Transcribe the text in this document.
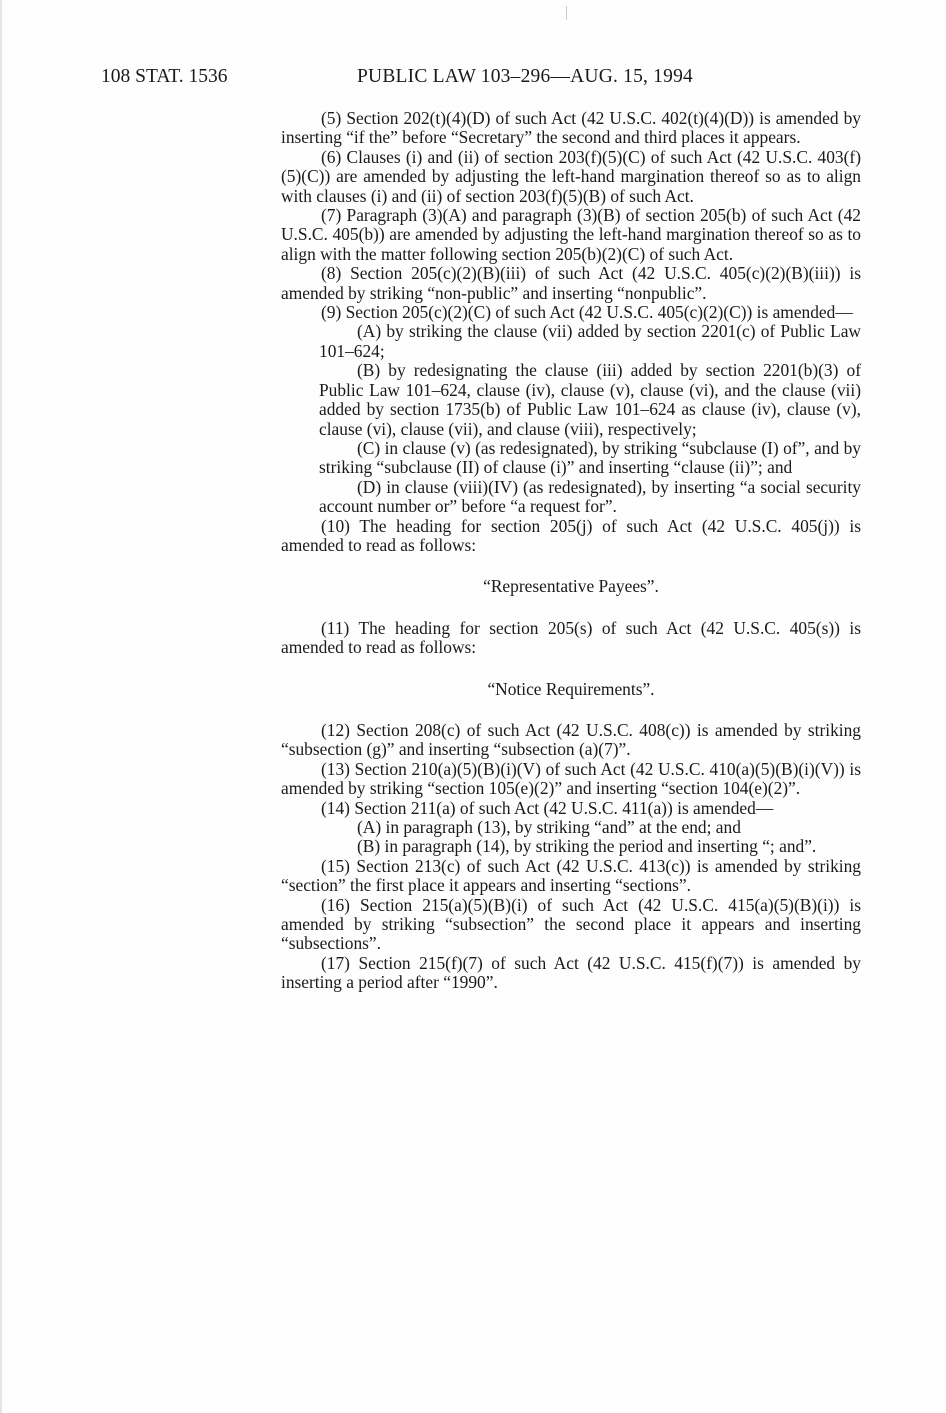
108 STAT. 1536	PUBLIC LAW 103–296—AUG. 15, 1994

(5) Section 202(t)(4)(D) of such Act (42 U.S.C. 402(t)(4)(D)) is amended by inserting “if the” before “Secretary” the second and third places it appears.

(6) Clauses (i) and (ii) of section 203(f)(5)(C) of such Act (42 U.S.C. 403(f)(5)(C)) are amended by adjusting the left-hand margination thereof so as to align with clauses (i) and (ii) of section 203(f)(5)(B) of such Act.

(7) Paragraph (3)(A) and paragraph (3)(B) of section 205(b) of such Act (42 U.S.C. 405(b)) are amended by adjusting the left-hand margination thereof so as to align with the matter following section 205(b)(2)(C) of such Act.

(8) Section 205(c)(2)(B)(iii) of such Act (42 U.S.C. 405(c)(2)(B)(iii)) is amended by striking “non-public” and inserting “nonpublic”.

(9) Section 205(c)(2)(C) of such Act (42 U.S.C. 405(c)(2)(C)) is amended—

(A) by striking the clause (vii) added by section 2201(c) of Public Law 101–624;

(B) by redesignating the clause (iii) added by section 2201(b)(3) of Public Law 101–624, clause (iv), clause (v), clause (vi), and the clause (vii) added by section 1735(b) of Public Law 101–624 as clause (iv), clause (v), clause (vi), clause (vii), and clause (viii), respectively;

(C) in clause (v) (as redesignated), by striking “subclause (I) of”, and by striking “subclause (II) of clause (i)” and inserting “clause (ii)”; and

(D) in clause (viii)(IV) (as redesignated), by inserting “a social security account number or” before “a request for”.

(10) The heading for section 205(j) of such Act (42 U.S.C. 405(j)) is amended to read as follows:

“Representative Payees”.

(11) The heading for section 205(s) of such Act (42 U.S.C. 405(s)) is amended to read as follows:

“Notice Requirements”.

(12) Section 208(c) of such Act (42 U.S.C. 408(c)) is amended by striking “subsection (g)” and inserting “subsection (a)(7)”.

(13) Section 210(a)(5)(B)(i)(V) of such Act (42 U.S.C. 410(a)(5)(B)(i)(V)) is amended by striking “section 105(e)(2)” and inserting “section 104(e)(2)”.

(14) Section 211(a) of such Act (42 U.S.C. 411(a)) is amended—

(A) in paragraph (13), by striking “and” at the end; and

(B) in paragraph (14), by striking the period and inserting “; and”.

(15) Section 213(c) of such Act (42 U.S.C. 413(c)) is amended by striking “section” the first place it appears and inserting “sections”.

(16) Section 215(a)(5)(B)(i) of such Act (42 U.S.C. 415(a)(5)(B)(i)) is amended by striking “subsection” the second place it appears and inserting “subsections”.

(17) Section 215(f)(7) of such Act (42 U.S.C. 415(f)(7)) is amended by inserting a period after “1990”.
